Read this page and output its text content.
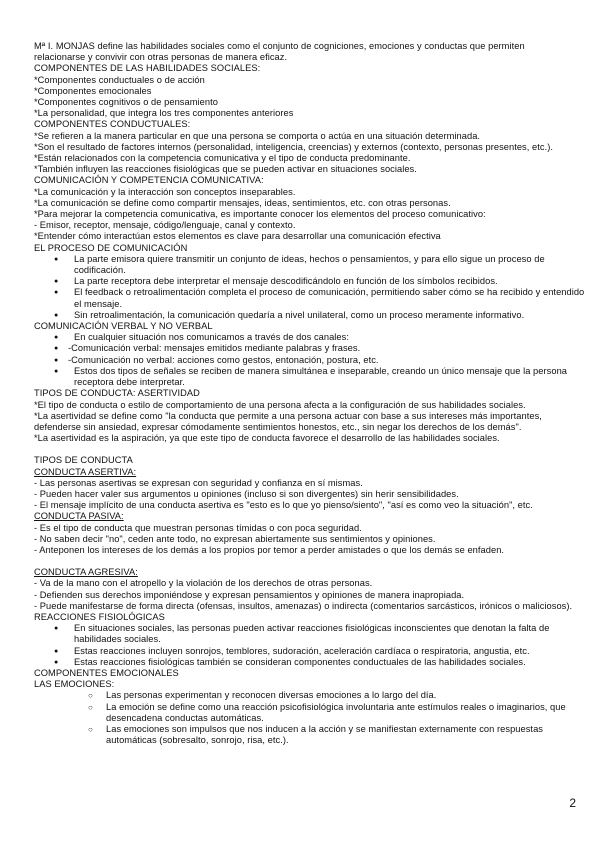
Mª I. MONJAS define las habilidades sociales como el conjunto de cogniciones, emociones y conductas que permiten
relacionarse y convivir con otras personas de manera eficaz.
COMPONENTES DE LAS HABILIDADES SOCIALES:
*Componentes conductuales o de acción
*Componentes emocionales
*Componentes cognitivos o de pensamiento
*La personalidad, que integra los tres componentes anteriores
COMPONENTES CONDUCTUALES:
*Se refieren a la manera particular en que una persona se comporta o actúa en una situación determinada.
*Son el resultado de factores internos (personalidad, inteligencia, creencias) y externos (contexto, personas presentes, etc.).
*Están relacionados con la competencia comunicativa y el tipo de conducta predominante.
*También influyen las reacciones fisiológicas que se pueden activar en situaciones sociales.
COMUNICACIÓN Y COMPETENCIA COMUNICATIVA:
*La comunicación y la interacción son conceptos inseparables.
*La comunicación se define como compartir mensajes, ideas, sentimientos, etc. con otras personas.
*Para mejorar la competencia comunicativa, es importante conocer los elementos del proceso comunicativo:
- Emisor, receptor, mensaje, código/lenguaje, canal y contexto.
*Entender cómo interactúan estos elementos es clave para desarrollar una comunicación efectiva
EL PROCESO DE COMUNICACIÓN
● La parte emisora quiere transmitir un conjunto de ideas, hechos o pensamientos, y para ello sigue un proceso de codificación.
● La parte receptora debe interpretar el mensaje descodificándolo en función de los símbolos recibidos.
● El feedback o retroalimentación completa el proceso de comunicación, permitiendo saber cómo se ha recibido y entendido el mensaje.
● Sin retroalimentación, la comunicación quedaría a nivel unilateral, como un proceso meramente informativo.
COMUNICACIÓN VERBAL Y NO VERBAL
● En cualquier situación nos comunicamos a través de dos canales:
● -Comunicación verbal: mensajes emitidos mediante palabras y frases.
● -Comunicación no verbal: acciones como gestos, entonación, postura, etc.
● Estos dos tipos de señales se reciben de manera simultánea e inseparable, creando un único mensaje que la persona receptora debe interpretar.
TIPOS DE CONDUCTA: ASERTIVIDAD
*El tipo de conducta o estilo de comportamiento de una persona afecta a la configuración de sus habilidades sociales.
*La asertividad se define como "la conducta que permite a una persona actuar con base a sus intereses más importantes, defenderse sin ansiedad, expresar cómodamente sentimientos honestos, etc., sin negar los derechos de los demás".
*La asertividad es la aspiración, ya que este tipo de conducta favorece el desarrollo de las habilidades sociales.
TIPOS DE CONDUCTA
CONDUCTA ASERTIVA:
- Las personas asertivas se expresan con seguridad y confianza en sí mismas.
- Pueden hacer valer sus argumentos u opiniones (incluso si son divergentes) sin herir sensibilidades.
- El mensaje implícito de una conducta asertiva es "esto es lo que yo pienso/siento", "así es como veo la situación", etc.
CONDUCTA PASIVA:
- Es el tipo de conducta que muestran personas tímidas o con poca seguridad.
- No saben decir "no", ceden ante todo, no expresan abiertamente sus sentimientos y opiniones.
- Anteponen los intereses de los demás a los propios por temor a perder amistades o que los demás se enfaden.
CONDUCTA AGRESIVA:
- Va de la mano con el atropello y la violación de los derechos de otras personas.
- Defienden sus derechos imponiéndose y expresan pensamientos y opiniones de manera inapropiada.
- Puede manifestarse de forma directa (ofensas, insultos, amenazas) o indirecta (comentarios sarcásticos, irónicos o maliciosos).
REACCIONES FISIOLÓGICAS
● En situaciones sociales, las personas pueden activar reacciones fisiológicas inconscientes que denotan la falta de habilidades sociales.
● Estas reacciones incluyen sonrojos, temblores, sudoración, aceleración cardíaca o respiratoria, angustia, etc.
● Estas reacciones fisiológicas también se consideran componentes conductuales de las habilidades sociales.
COMPONENTES EMOCIONALES
LAS EMOCIONES:
○ Las personas experimentan y reconocen diversas emociones a lo largo del día.
○ La emoción se define como una reacción psicofisiológica involuntaria ante estímulos reales o imaginarios, que desencadena conductas automáticas.
○ Las emociones son impulsos que nos inducen a la acción y se manifiestan externamente con respuestas automáticas (sobresalto, sonrojo, risa, etc.).
2
